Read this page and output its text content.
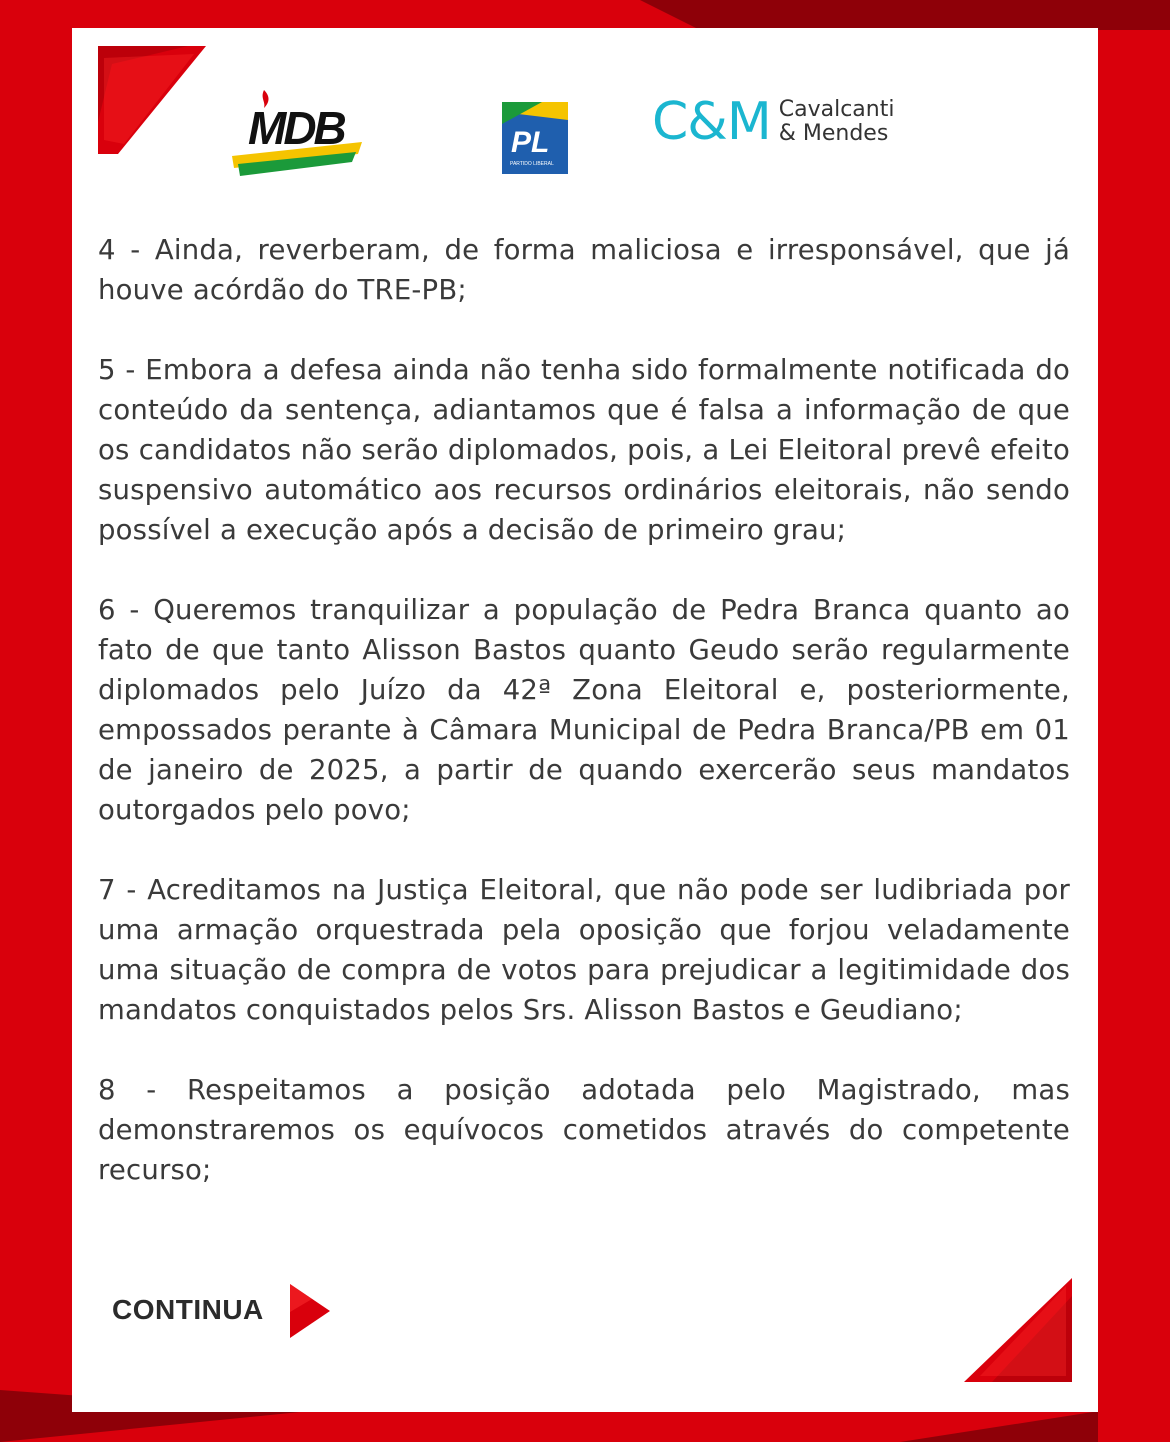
MDB	PL
PARTIDO LIBERAL
C&M Cavalcanti
& Mendes

4 - Ainda, reverberam, de forma maliciosa e irresponsável, que já houve acórdão do TRE-PB;

5 - Embora a defesa ainda não tenha sido formalmente notificada do conteúdo da sentença, adiantamos que é falsa a informação de que os candidatos não serão diplomados, pois, a Lei Eleitoral prevê efeito suspensivo automático aos recursos ordinários eleitorais, não sendo possível a execução após a decisão de primeiro grau;

6 - Queremos tranquilizar a população de Pedra Branca quanto ao fato de que tanto Alisson Bastos quanto Geudo serão regularmente diplomados pelo Juízo da 42ª Zona Eleitoral e, posteriormente, empossados perante à Câmara Municipal de Pedra Branca/PB em 01 de janeiro de 2025, a partir de quando exercerão seus mandatos outorgados pelo povo;

7 - Acreditamos na Justiça Eleitoral, que não pode ser ludibriada por uma armação orquestrada pela oposição que forjou veladamente uma situação de compra de votos para prejudicar a legitimidade dos mandatos conquistados pelos Srs. Alisson Bastos e Geudiano;

8 - Respeitamos a posição adotada pelo Magistrado, mas demonstraremos os equívocos cometidos através do competente recurso;

CONTINUA
